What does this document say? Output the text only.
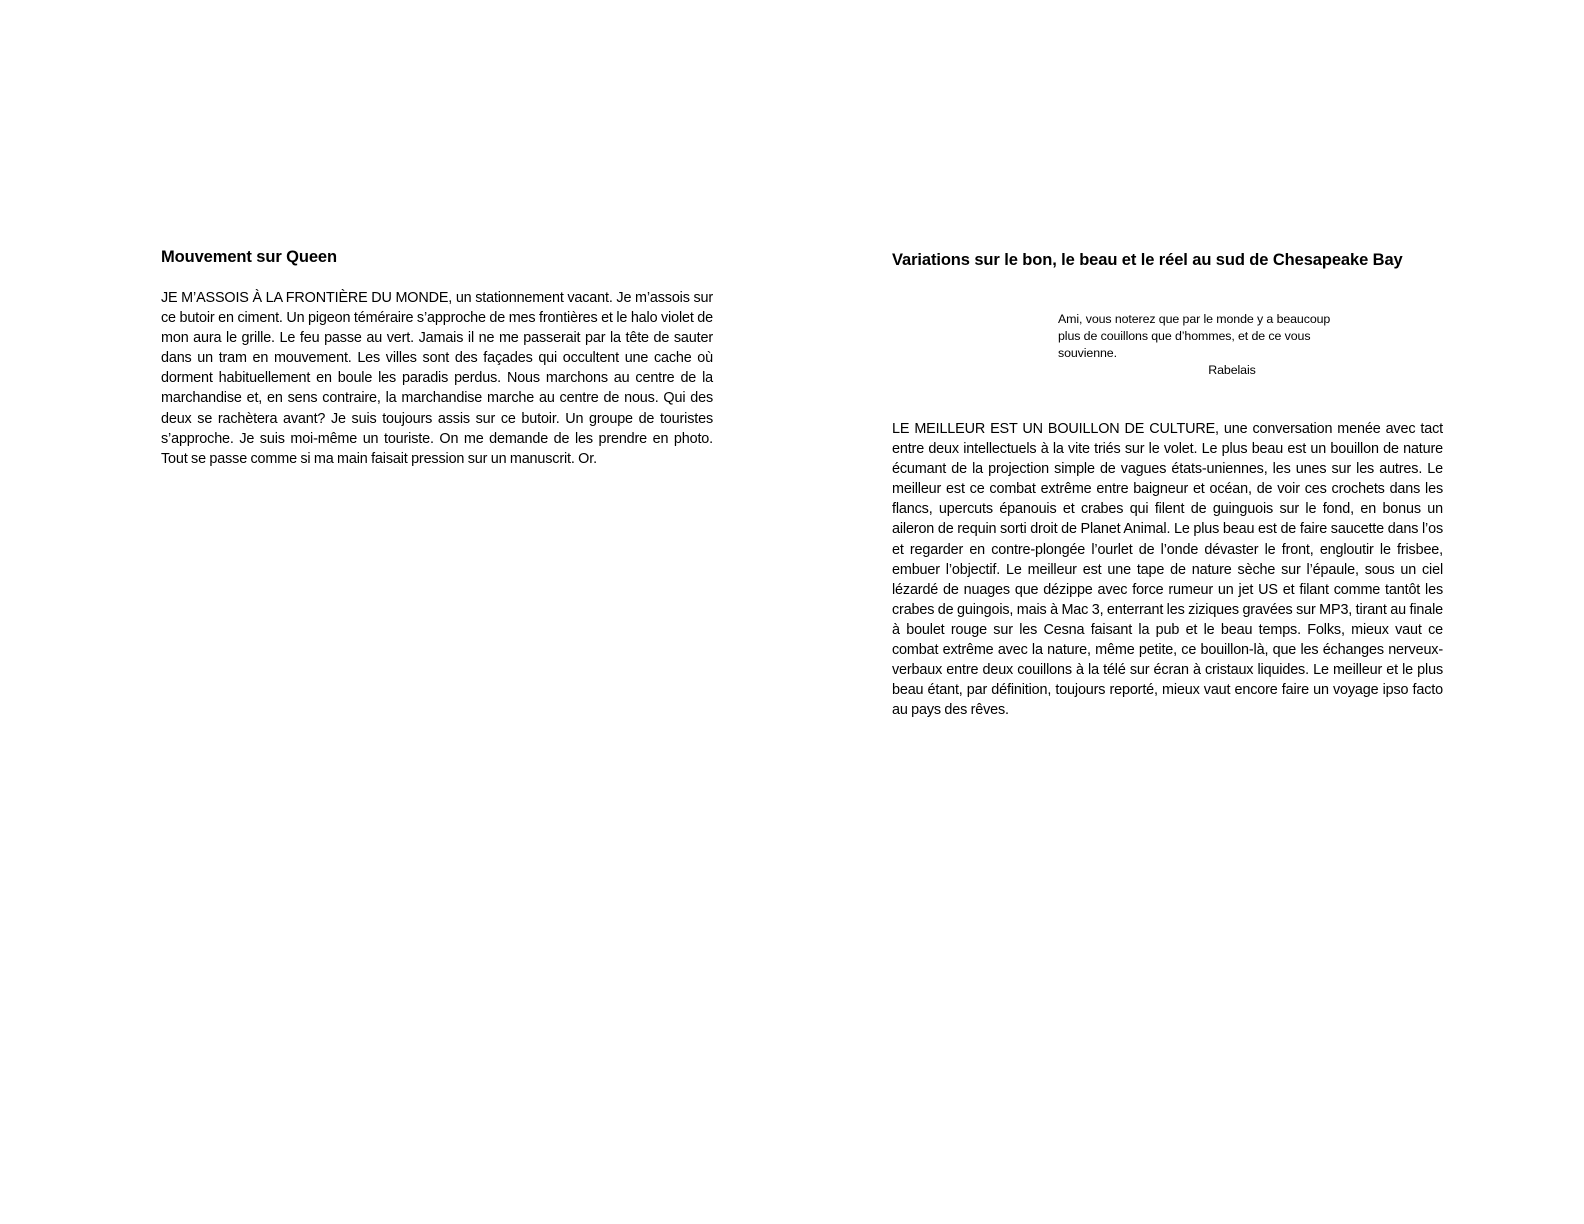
Mouvement sur Queen

JE M’ASSOIS À LA FRONTIÈRE DU MONDE, un stationnement vacant. Je m’assois sur ce butoir en ciment. Un pigeon téméraire s’approche de mes frontières et le halo violet de mon aura le grille. Le feu passe au vert. Jamais il ne me passerait par la tête de sauter dans un tram en mouvement. Les villes sont des façades qui occultent une cache où dorment habituellement en boule les paradis perdus. Nous marchons au centre de la marchandise et, en sens contraire, la marchandise marche au centre de nous. Qui des deux se rachètera avant? Je suis toujours assis sur ce butoir. Un groupe de touristes s’approche. Je suis moi-même un touriste. On me demande de les prendre en photo. Tout se passe comme si ma main faisait pression sur un manuscrit. Or.

Variations sur le bon, le beau et le réel au sud de Chesapeake Bay

Ami, vous noterez que par le monde y a beaucoup plus de couillons que d’hommes, et de ce vous souvienne.

Rabelais

LE MEILLEUR EST UN BOUILLON DE CULTURE, une conversation menée avec tact entre deux intellectuels à la vite triés sur le volet. Le plus beau est un bouillon de nature écumant de la projection simple de vagues états-uniennes, les unes sur les autres. Le meilleur est ce combat extrême entre baigneur et océan, de voir ces crochets dans les flancs, upercuts épanouis et crabes qui filent de guinguois sur le fond, en bonus un aileron de requin sorti droit de Planet Animal. Le plus beau est de faire saucette dans l’os et regarder en contre-plongée l’ourlet de l’onde dévaster le front, engloutir le frisbee, embuer l’objectif. Le meilleur est une tape de nature sèche sur l’épaule, sous un ciel lézardé de nuages que dézippe avec force rumeur un jet US et filant comme tantôt les crabes de guingois, mais à Mac 3, enterrant les ziziques gravées sur MP3, tirant au finale à boulet rouge sur les Cesna faisant la pub et le beau temps. Folks, mieux vaut ce combat extrême avec la nature, même petite, ce bouillon-là, que les échanges nerveux-verbaux entre deux couillons à la télé sur écran à cristaux liquides. Le meilleur et le plus beau étant, par définition, toujours reporté, mieux vaut encore faire un voyage ipso facto au pays des rêves.
